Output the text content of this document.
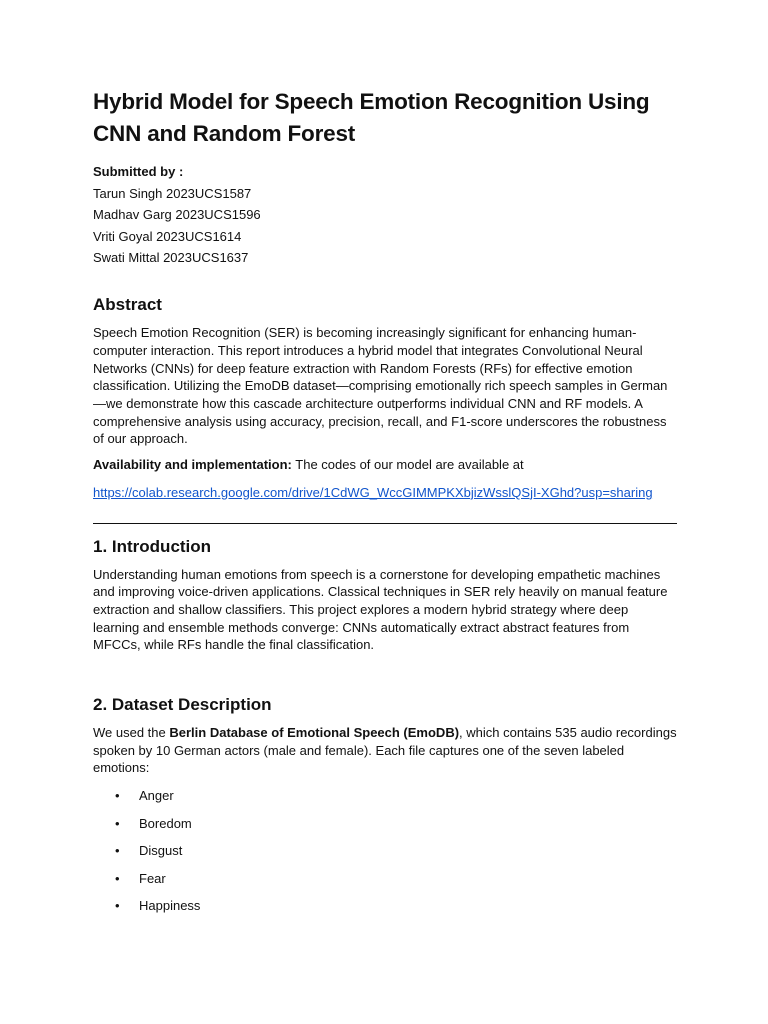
Hybrid Model for Speech Emotion Recognition Using CNN and Random Forest

Submitted by :

Tarun Singh 2023UCS1587

Madhav Garg 2023UCS1596

Vriti Goyal 2023UCS1614

Swati Mittal 2023UCS1637

Abstract

Speech Emotion Recognition (SER) is becoming increasingly significant for enhancing human-computer interaction. This report introduces a hybrid model that integrates Convolutional Neural Networks (CNNs) for deep feature extraction with Random Forests (RFs) for effective emotion classification. Utilizing the EmoDB dataset—comprising emotionally rich speech samples in German—we demonstrate how this cascade architecture outperforms individual CNN and RF models. A comprehensive analysis using accuracy, precision, recall, and F1-score underscores the robustness of our approach.

Availability and implementation: The codes of our model are available at

https://colab.research.google.com/drive/1CdWG_WccGIMMPKXbjizWsslQSjI-XGhd?usp=sharing

1. Introduction

Understanding human emotions from speech is a cornerstone for developing empathetic machines and improving voice-driven applications. Classical techniques in SER rely heavily on manual feature extraction and shallow classifiers. This project explores a modern hybrid strategy where deep learning and ensemble methods converge: CNNs automatically extract abstract features from MFCCs, while RFs handle the final classification.

2. Dataset Description

We used the Berlin Database of Emotional Speech (EmoDB), which contains 535 audio recordings spoken by 10 German actors (male and female). Each file captures one of the seven labeled emotions:

• Anger
• Boredom
• Disgust
• Fear
• Happiness
